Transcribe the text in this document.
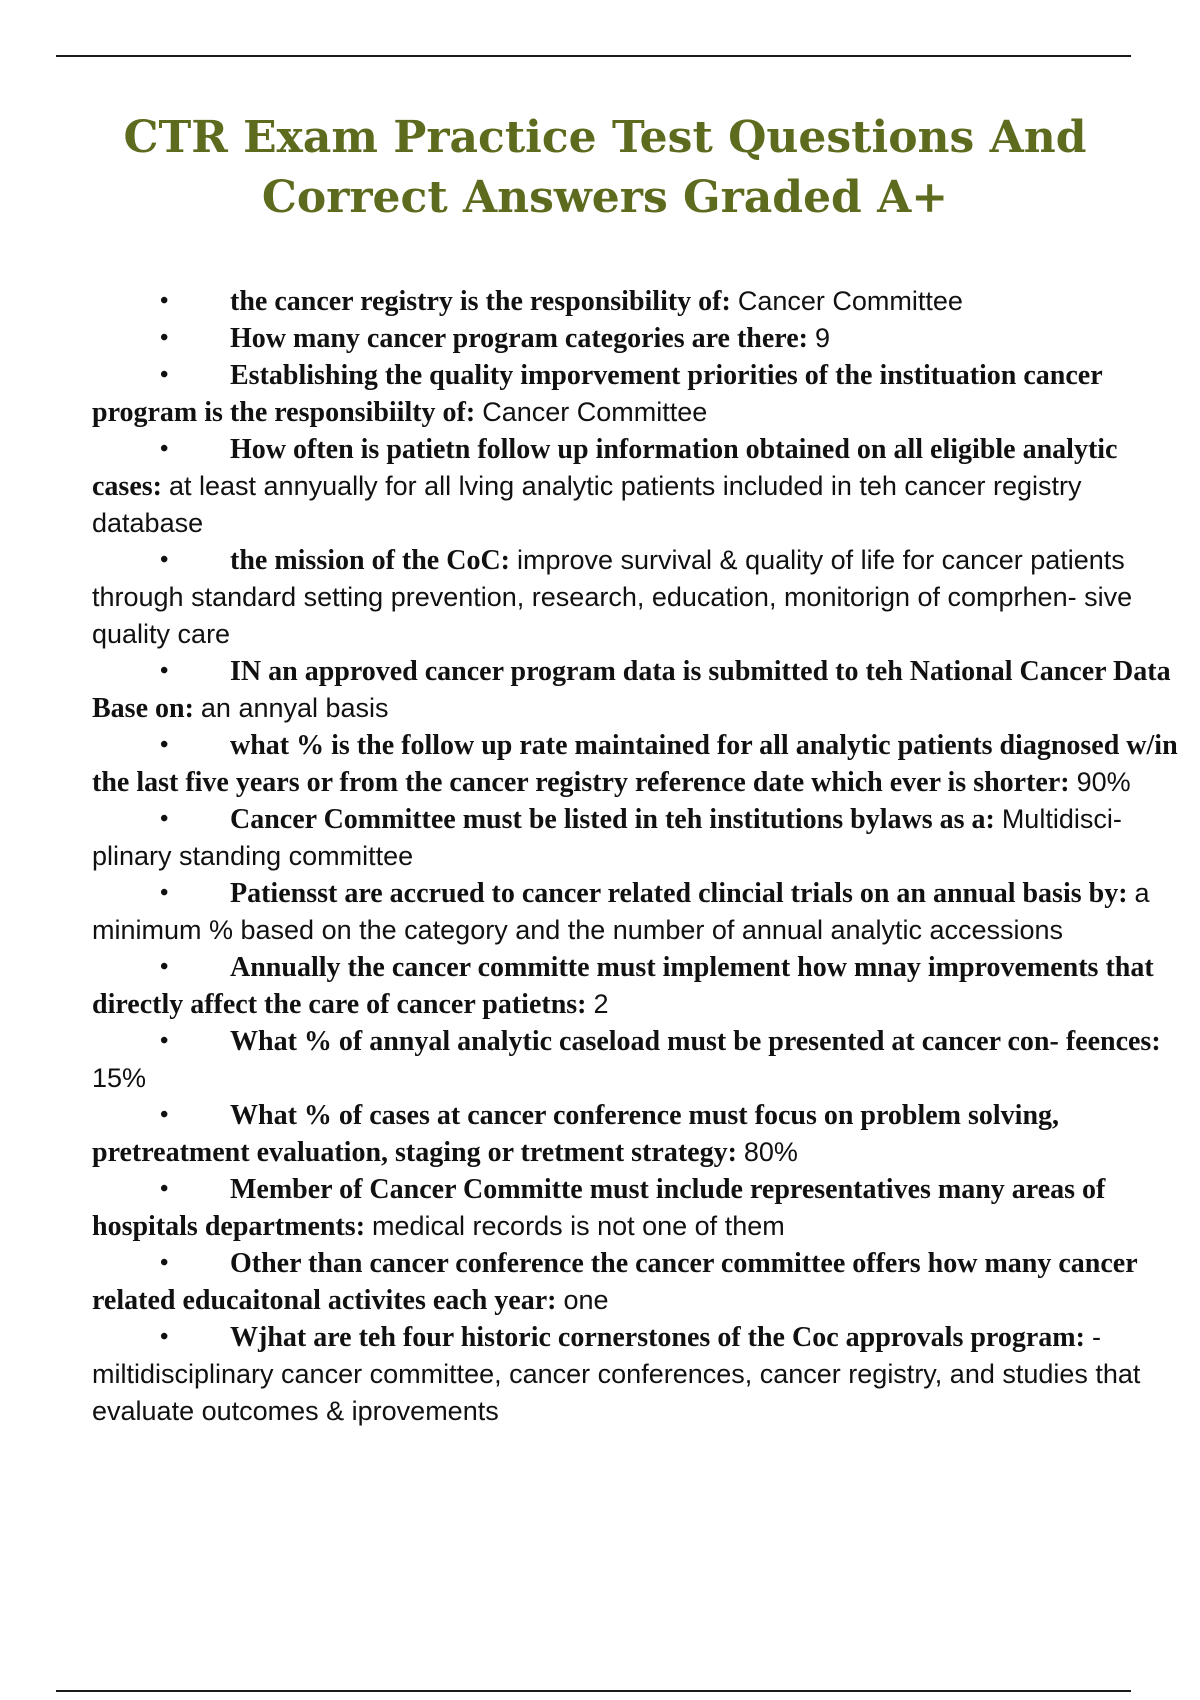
CTR Exam Practice Test Questions And Correct Answers Graded A+
• the cancer registry is the responsibility of: Cancer Committee
• How many cancer program categories are there: 9
• Establishing the quality imporvement priorities of the instituation cancer program is the responsibiilty of: Cancer Committee
• How often is patietn follow up information obtained on all eligible analytic cases: at least annyually for all lving analytic patients included in teh cancer registry database
• the mission of the CoC: improve survival & quality of life for cancer patients through standard setting prevention, research, education, monitorign of comprhen- sive quality care
• IN an approved cancer program data is submitted to teh National Cancer Data Base on: an annyal basis
• what % is the follow up rate maintained for all analytic patients diagnosed w/in the last five years or from the cancer registry reference date which ever is shorter: 90%
• Cancer Committee must be listed in teh institutions bylaws as a: Multidisci- plinary standing committee
• Patiensst are accrued to cancer related clincial trials on an annual basis by: a minimum % based on the category and the number of annual analytic accessions
• Annually the cancer committe must implement how mnay improvements that directly affect the care of cancer patietns: 2
• What % of annyal analytic caseload must be presented at cancer con- feences: 15%
• What % of cases at cancer conference must focus on problem solving, pretreatment evaluation, staging or tretment strategy: 80%
• Member of Cancer Committe must include representatives many areas of hospitals departments: medical records is not one of them
• Other than cancer conference the cancer committee offers how many cancer related educaitonal activites each year: one
• Wjhat are teh four historic cornerstones of the Coc approvals program: - miltidisciplinary cancer committee, cancer conferences, cancer registry, and studies that evaluate outcomes & iprovements
